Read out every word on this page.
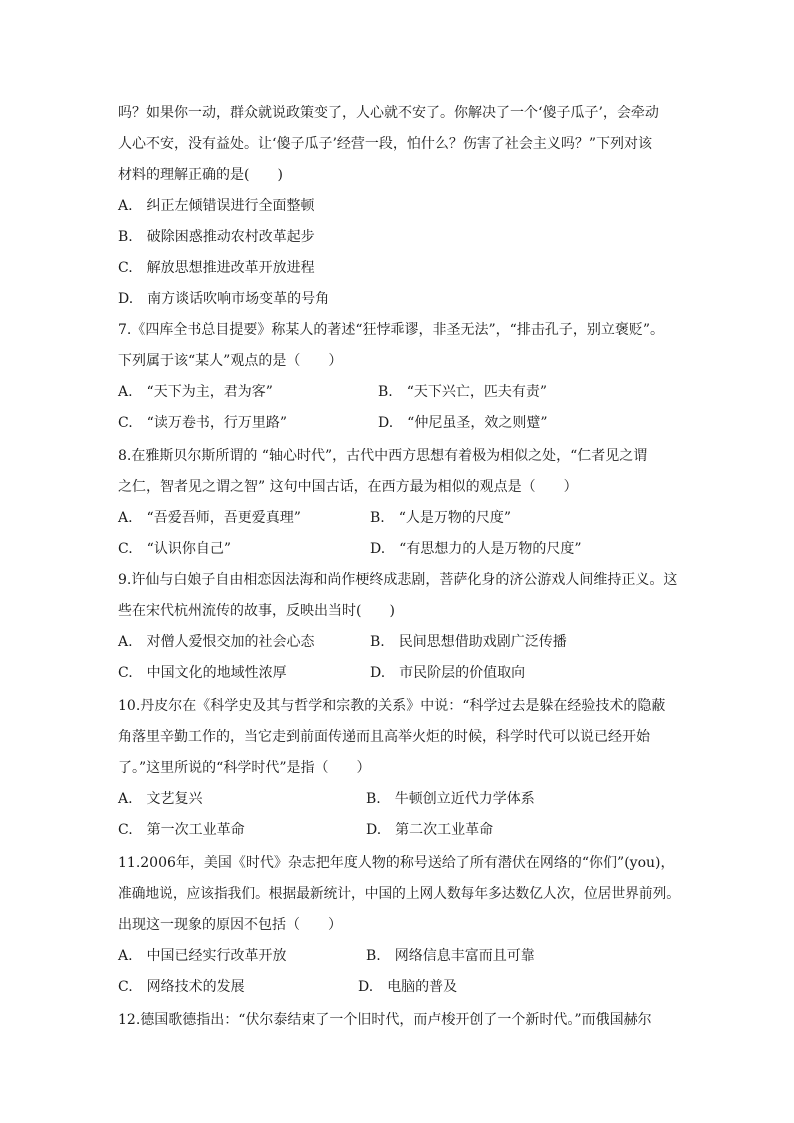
吗？如果你一动，群众就说政策变了，人心就不安了。你解决了一个‘傻子瓜子’，会牵动
人心不安，没有益处。让‘傻子瓜子’经营一段，怕什么？伤害了社会主义吗？”下列对该
材料的理解正确的是(　　)
A.　纠正左倾错误进行全面整顿
B.　破除困惑推动农村改革起步
C.　解放思想推进改革开放进程
D.　南方谈话吹响市场变革的号角
7.《四库全书总目提要》称某人的著述“狂悖乖谬，非圣无法”，“排击孔子，别立褒贬”。
下列属于该“某人”观点的是（　　）
A.　“天下为主，君为客”	B.　“天下兴亡，匹夫有责”
C.　“读万卷书，行万里路”	D.　“仲尼虽圣，效之则躄”
8.在雅斯贝尔斯所谓的 “轴心时代”，古代中西方思想有着极为相似之处，“仁者见之谓
之仁，智者见之谓之智” 这句中国古话，在西方最为相似的观点是（　　）
A.　“吾爱吾师，吾更爱真理”	B.　“人是万物的尺度”
C.　“认识你自己”	D.　“有思想力的人是万物的尺度”
9.许仙与白娘子自由相恋因法海和尚作梗终成悲剧，菩萨化身的济公游戏人间维持正义。这
些在宋代杭州流传的故事，反映出当时(　　)
A.　对僧人爱恨交加的社会心态	B.　民间思想借助戏剧广泛传播
C.　中国文化的地域性浓厚	D.　市民阶层的价值取向
10.丹皮尔在《科学史及其与哲学和宗教的关系》中说：“科学过去是躲在经验技术的隐蔽
角落里辛勤工作的，当它走到前面传递而且高举火炬的时候，科学时代可以说已经开始
了。”这里所说的“科学时代”是指（　　）
A.　文艺复兴	B.　牛顿创立近代力学体系
C.　第一次工业革命	D.　第二次工业革命
11.2006年，美国《时代》杂志把年度人物的称号送给了所有潜伏在网络的“你们”(you)，
准确地说，应该指我们。根据最新统计，中国的上网人数每年多达数亿人次，位居世界前列。
出现这一现象的原因不包括（　　）
A.　中国已经实行改革开放	B.　网络信息丰富而且可靠
C.　网络技术的发展	D.　电脑的普及
12.德国歌德指出：“伏尔泰结束了一个旧时代，而卢梭开创了一个新时代。”而俄国赫尔
